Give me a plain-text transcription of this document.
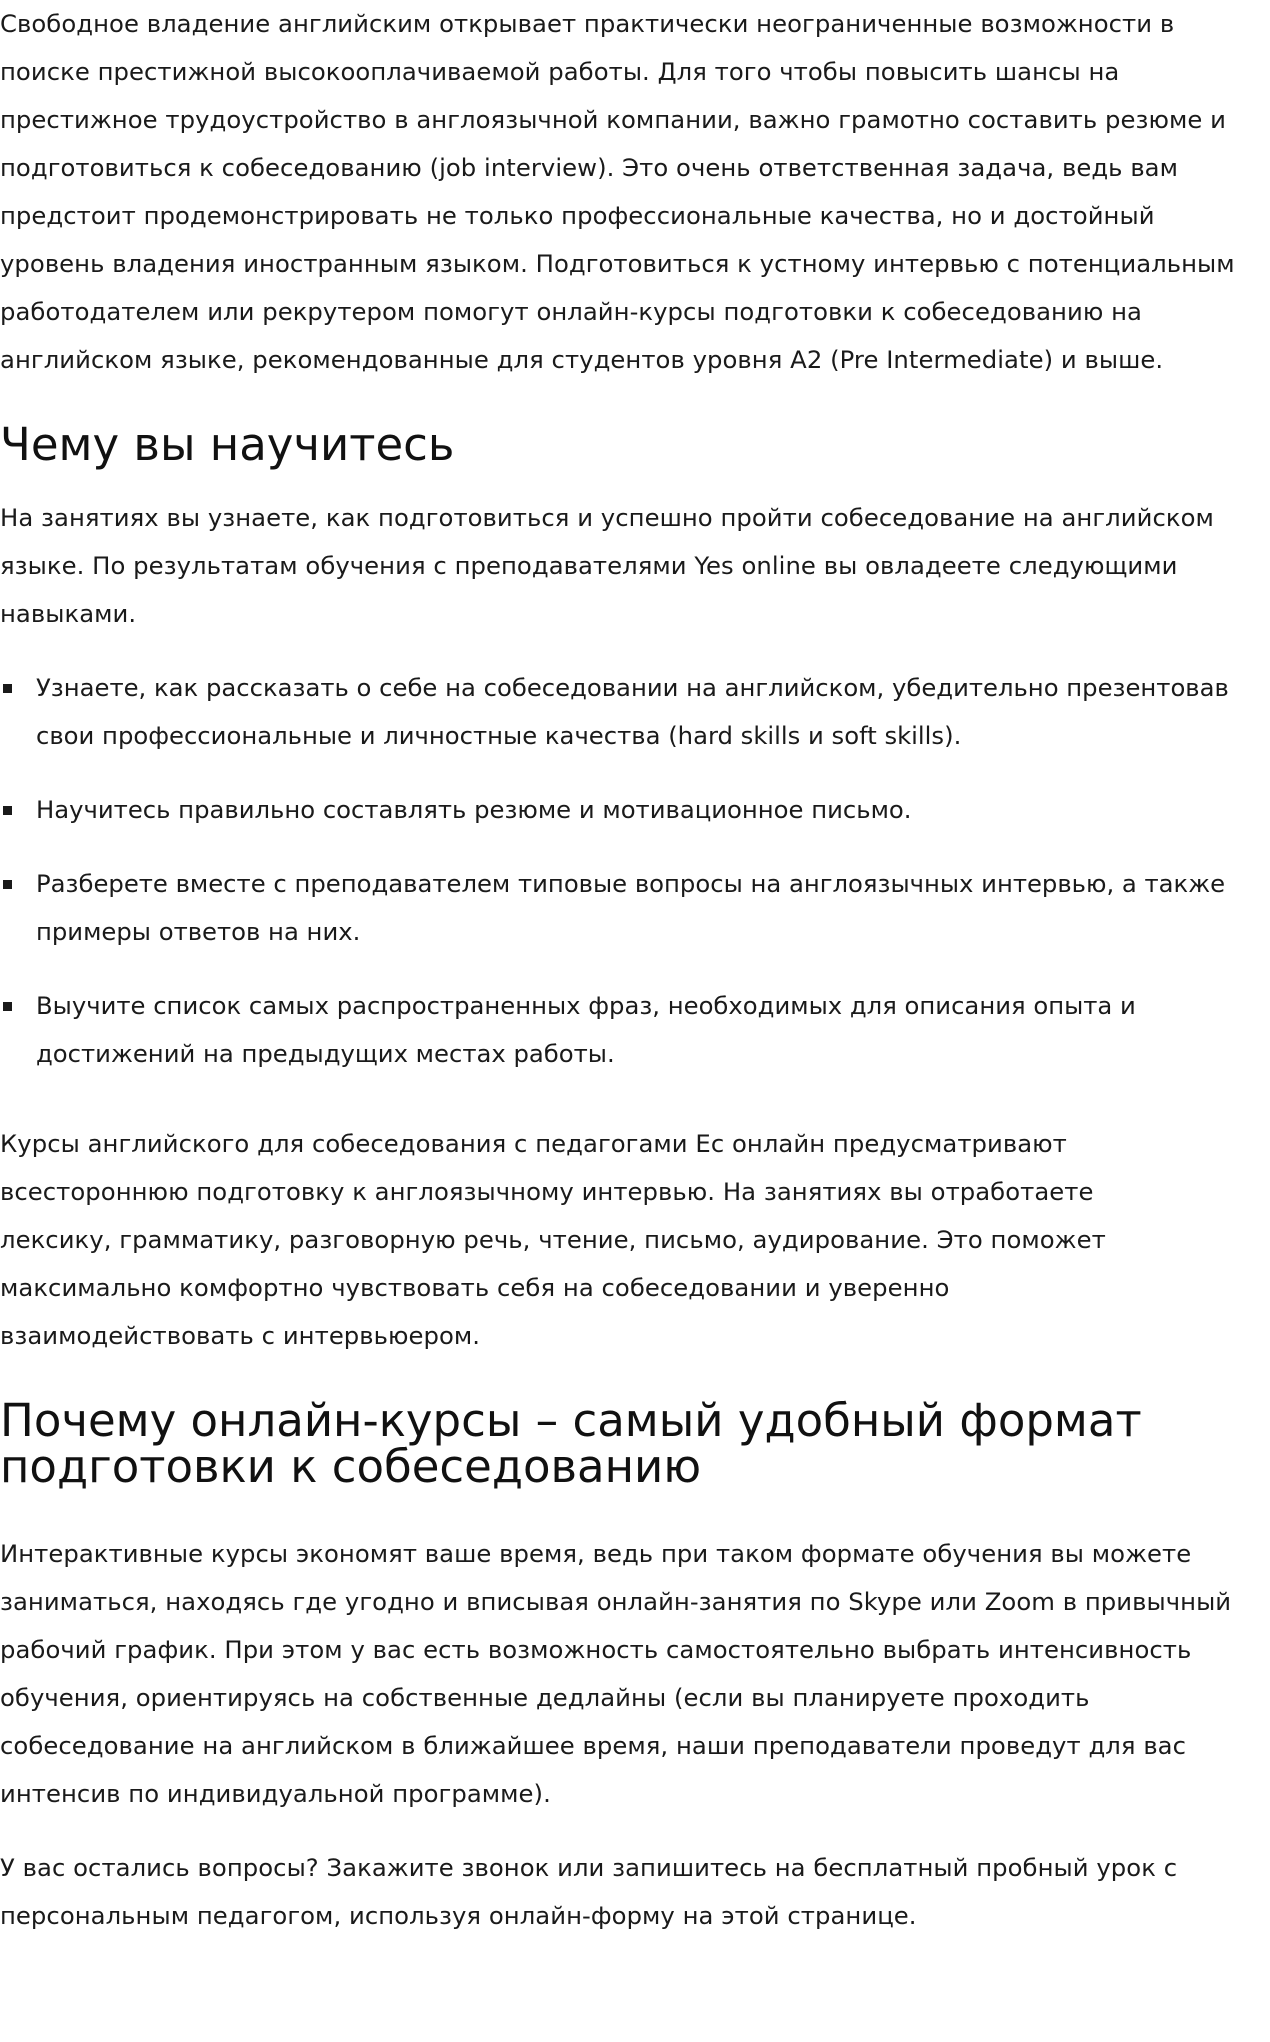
Свободное владение английским открывает практически неограниченные возможности в поиске престижной высокооплачиваемой работы. Для того чтобы повысить шансы на престижное трудоустройство в англоязычной компании, важно грамотно составить резюме и подготовиться к собеседованию (job interview). Это очень ответственная задача, ведь вам предстоит продемонстрировать не только профессиональные качества, но и достойный уровень владения иностранным языком. Подготовиться к устному интервью с потенциальным работодателем или рекрутером помогут онлайн-курсы подготовки к собеседованию на английском языке, рекомендованные для студентов уровня A2 (Pre Intermediate) и выше.

Чему вы научитесь

На занятиях вы узнаете, как подготовиться и успешно пройти собеседование на английском языке. По результатам обучения с преподавателями Yes online вы овладеете следующими навыками.

Узнаете, как рассказать о себе на собеседовании на английском, убедительно презентовав свои профессиональные и личностные качества (hard skills и soft skills).
Научитесь правильно составлять резюме и мотивационное письмо.
Разберете вместе с преподавателем типовые вопросы на англоязычных интервью, а также примеры ответов на них.
Выучите список самых распространенных фраз, необходимых для описания опыта и достижений на предыдущих местах работы.

Курсы английского для собеседования с педагогами Ес онлайн предусматривают всестороннюю подготовку к англоязычному интервью. На занятиях вы отработаете лексику, грамматику, разговорную речь, чтение, письмо, аудирование. Это поможет максимально комфортно чувствовать себя на собеседовании и уверенно взаимодействовать с интервьюером.

Почему онлайн-курсы – самый удобный формат подготовки к собеседованию

Интерактивные курсы экономят ваше время, ведь при таком формате обучения вы можете заниматься, находясь где угодно и вписывая онлайн-занятия по Skype или Zoom в привычный рабочий график. При этом у вас есть возможность самостоятельно выбрать интенсивность обучения, ориентируясь на собственные дедлайны (если вы планируете проходить собеседование на английском в ближайшее время, наши преподаватели проведут для вас интенсив по индивидуальной программе).

У вас остались вопросы? Закажите звонок или запишитесь на бесплатный пробный урок с персональным педагогом, используя онлайн-форму на этой странице.
